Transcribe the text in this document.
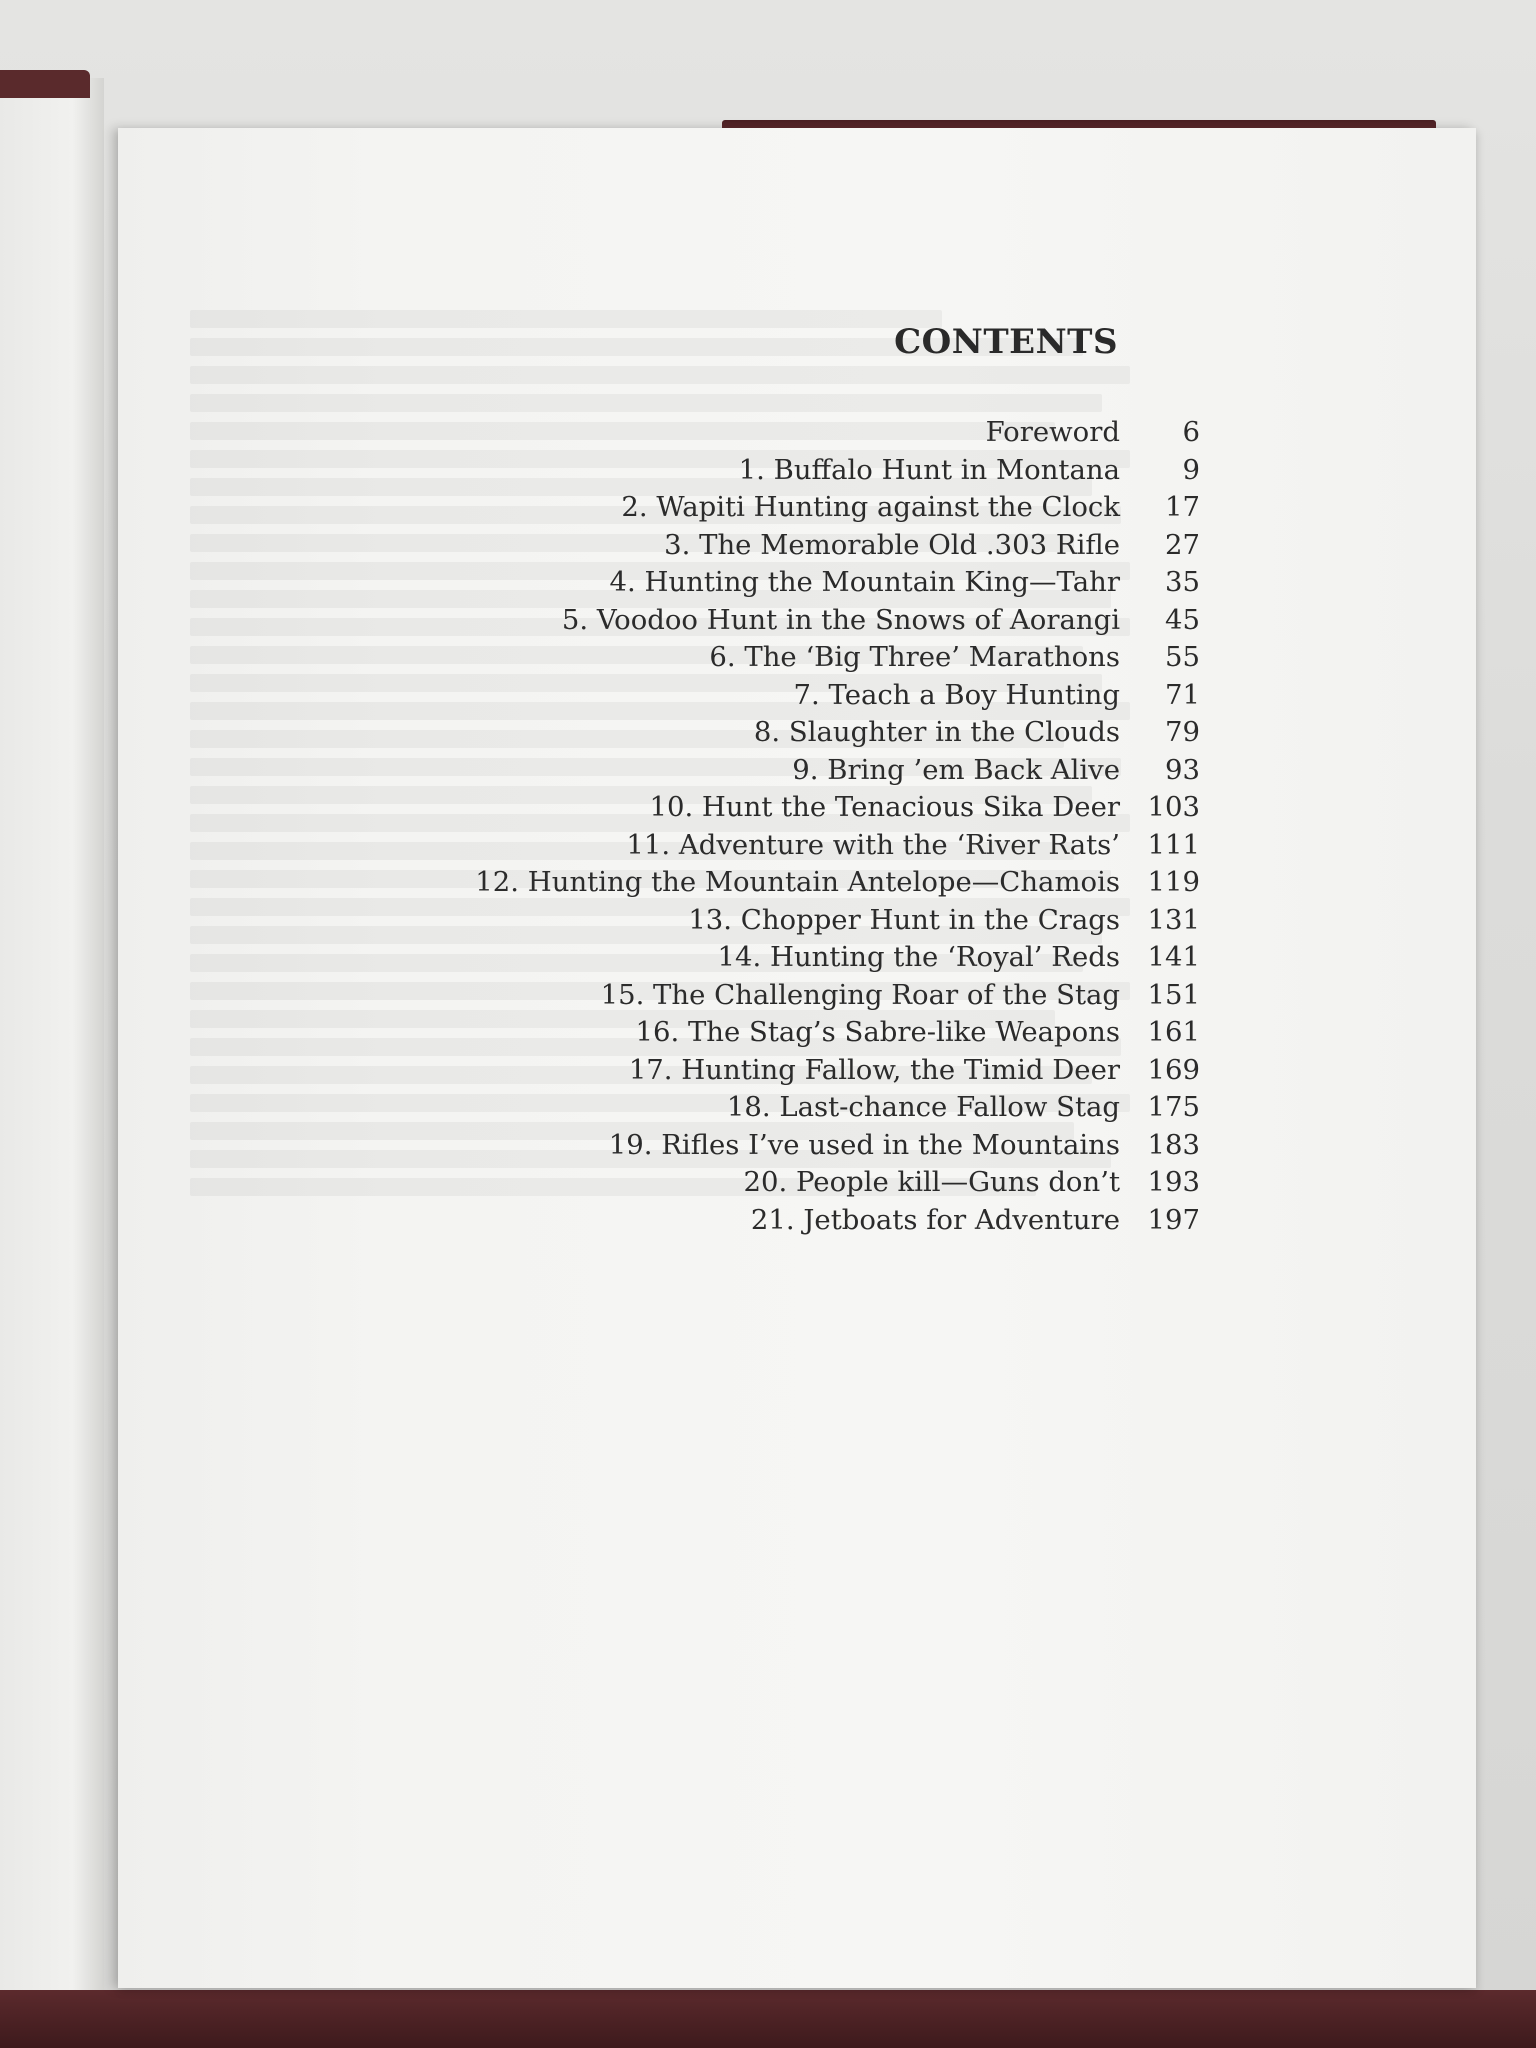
CONTENTS
Foreword	6
1. Buffalo Hunt in Montana	9
2. Wapiti Hunting against the Clock	17
3. The Memorable Old .303 Rifle	27
4. Hunting the Mountain King—Tahr	35
5. Voodoo Hunt in the Snows of Aorangi	45
6. The ‘Big Three’ Marathons	55
7. Teach a Boy Hunting	71
8. Slaughter in the Clouds	79
9. Bring ’em Back Alive	93
10. Hunt the Tenacious Sika Deer	103
11. Adventure with the ‘River Rats’	111
12. Hunting the Mountain Antelope—Chamois	119
13. Chopper Hunt in the Crags	131
14. Hunting the ‘Royal’ Reds	141
15. The Challenging Roar of the Stag	151
16. The Stag’s Sabre-like Weapons	161
17. Hunting Fallow, the Timid Deer	169
18. Last-chance Fallow Stag	175
19. Rifles I’ve used in the Mountains	183
20. People kill—Guns don’t	193
21. Jetboats for Adventure	197
